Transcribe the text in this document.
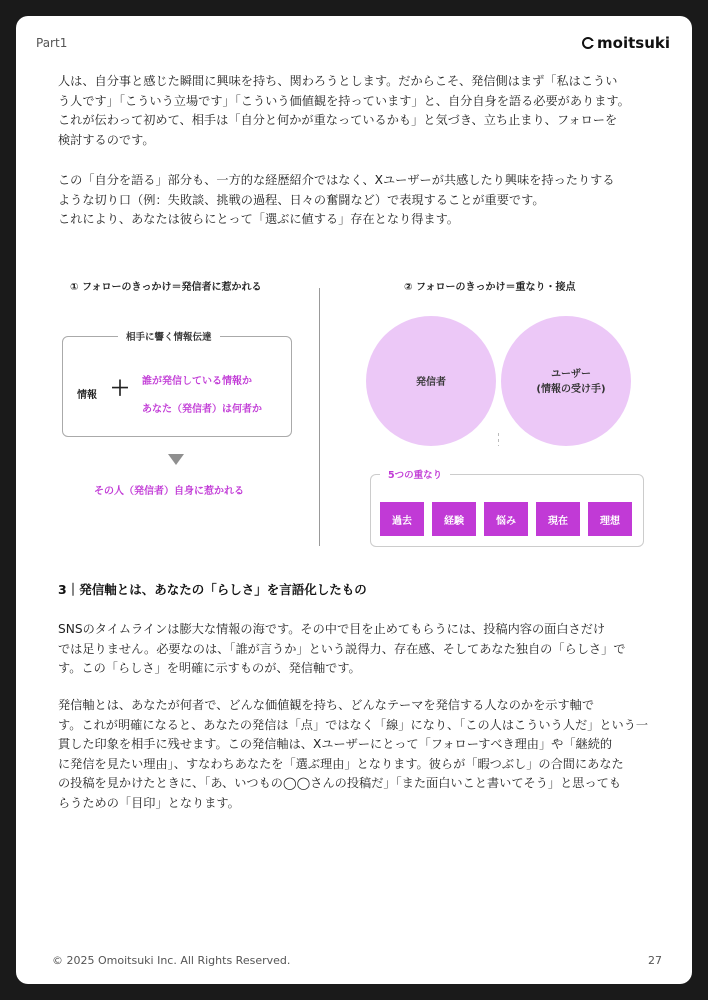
Part1	moitsuki

人は、自分事と感じた瞬間に興味を持ち、関わろうとします。だからこそ、発信側はまず「私はこうい

う人です」「こういう立場です」「こういう価値観を持っています」と、自分自身を語る必要があります。

これが伝わって初めて、相手は「自分と何かが重なっているかも」と気づき、立ち止まり、フォローを

検討するのです。

この「自分を語る」部分も、一方的な経歴紹介ではなく、Xユーザーが共感したり興味を持ったりする

ような切り口（例：失敗談、挑戦の過程、日々の奮闘など）で表現することが重要です。

これにより、あなたは彼らにとって「選ぶに値する」存在となり得ます。

① フォローのきっかけ＝発信者に惹かれる
相手に響く情報伝達
情報 ＋ 誰が発信している情報か
あなた（発信者）は何者か
その人（発信者）自身に惹かれる
② フォローのきっかけ＝重なり・接点
発信者
ユーザー
(情報の受け手)
5つの重なり
過去	経験	悩み	現在	理想
3｜発信軸とは、あなたの「らしさ」を言語化したもの

SNSのタイムラインは膨大な情報の海です。その中で目を止めてもらうには、投稿内容の面白さだけ

では足りません。必要なのは、「誰が言うか」という説得力、存在感、そしてあなた独自の「らしさ」で

す。この「らしさ」を明確に示すものが、発信軸です。

発信軸とは、あなたが何者で、どんな価値観を持ち、どんなテーマを発信する人なのかを示す軸で

す。これが明確になると、あなたの発信は「点」ではなく「線」になり、「この人はこういう人だ」という一

貫した印象を相手に残せます。この発信軸は、Xユーザーにとって「フォローすべき理由」や「継続的

に発信を見たい理由」、すなわちあなたを「選ぶ理由」となります。彼らが「暇つぶし」の合間にあなた

の投稿を見かけたときに、「あ、いつもの◯◯さんの投稿だ」「また面白いこと書いてそう」と思っても

らうための「目印」となります。

© 2025 Omoitsuki Inc. All Rights Reserved.	27
